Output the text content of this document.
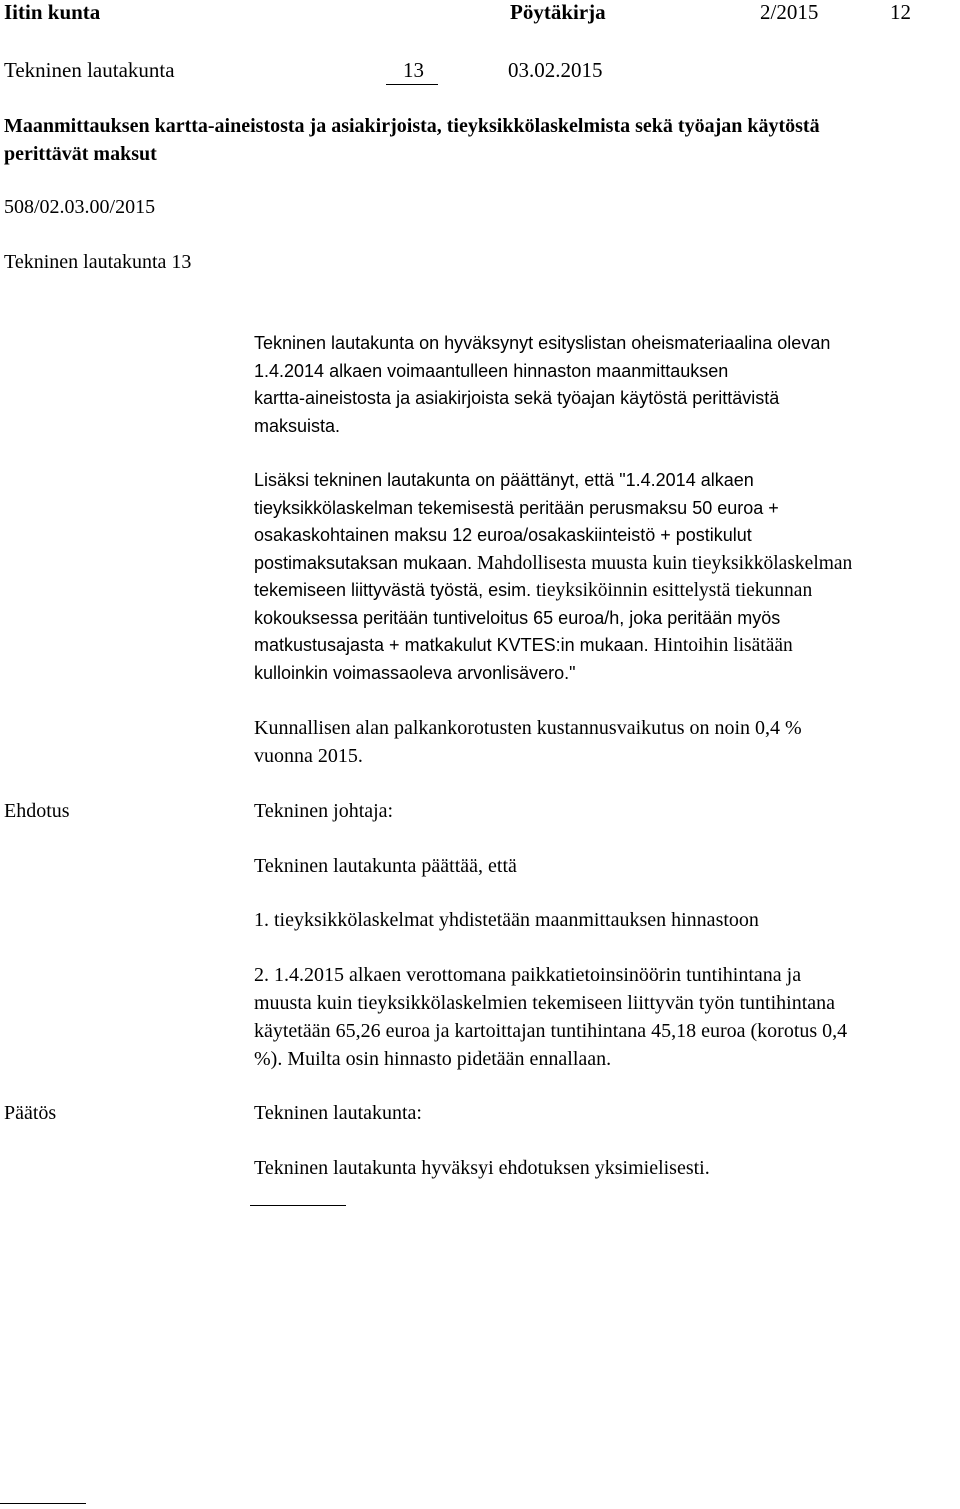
Iitin kunta	Pöytäkirja	2/2015	12
Tekninen lautakunta	13	03.02.2015
Maanmittauksen kartta-aineistosta ja asiakirjoista, tieyksikkölaskelmista sekä työajan käytöstä
perittävät maksut
508/02.03.00/2015
Tekninen lautakunta 13
Tekninen lautakunta on hyväksynyt esityslistan oheismateriaalina olevan
1.4.2014 alkaen voimaantulleen hinnaston maanmittauksen
kartta-aineistosta ja asiakirjoista sekä työajan käytöstä perittävistä
maksuista.
Lisäksi tekninen lautakunta on päättänyt, että "1.4.2014 alkaen
tieyksikkölaskelman tekemisestä peritään perusmaksu 50 euroa +
osakaskohtainen maksu 12 euroa/osakaskiinteistö + postikulut
postimaksutaksan mukaan. Mahdollisesta muusta kuin tieyksikkölaskelman
tekemiseen liittyvästä työstä, esim. tieyksiköinnin esittelystä tiekunnan
kokouksessa peritään tuntiveloitus 65 euroa/h, joka peritään myös
matkustusajasta + matkakulut KVTES:in mukaan. Hintoihin lisätään
kulloinkin voimassaoleva arvonlisävero."
Kunnallisen alan palkankorotusten kustannusvaikutus on noin 0,4 %
vuonna 2015.
Ehdotus	Tekninen johtaja:
Tekninen lautakunta päättää, että
1. tieyksikkölaskelmat yhdistetään maanmittauksen hinnastoon
2. 1.4.2015 alkaen verottomana paikkatietoinsinöörin tuntihintana ja
muusta kuin tieyksikkölaskelmien tekemiseen liittyvän työn tuntihintana
käytetään 65,26 euroa ja kartoittajan tuntihintana 45,18 euroa (korotus 0,4
%). Muilta osin hinnasto pidetään ennallaan.
Päätös	Tekninen lautakunta:
Tekninen lautakunta hyväksyi ehdotuksen yksimielisesti.
